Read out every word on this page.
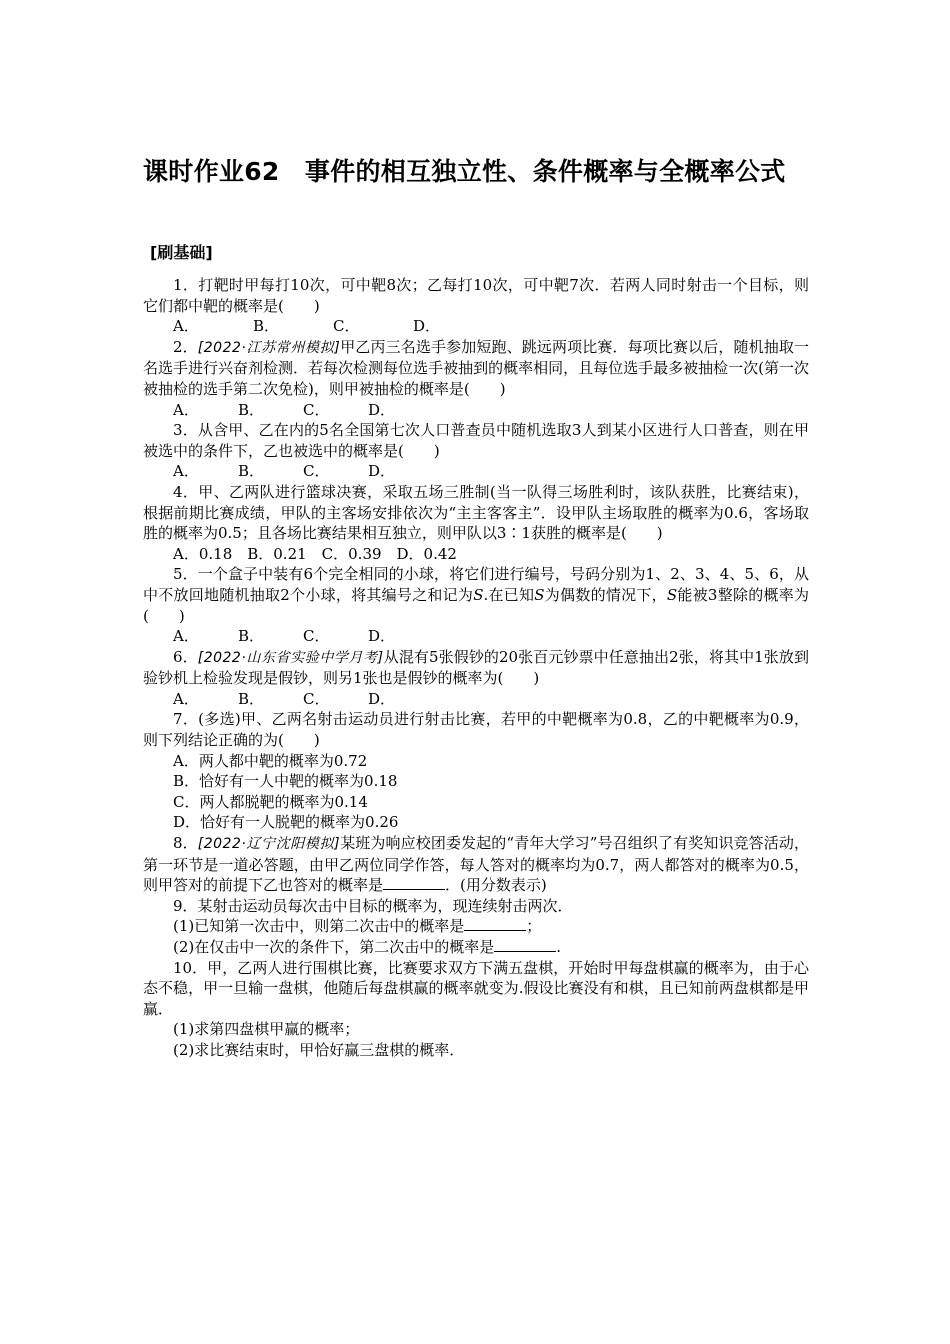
课时作业62　事件的相互独立性、条件概率与全概率公式
[刷基础]

1．打靶时甲每打10次，可中靶8次；乙每打10次，可中靶7次．若两人同时射击一个目标，则它们都中靶的概率是(　　)

A．	B．	C．	D．

2．[2022·江苏常州模拟]甲乙丙三名选手参加短跑、跳远两项比赛．每项比赛以后，随机抽取一名选手进行兴奋剂检测．若每次检测每位选手被抽到的概率相同，且每位选手最多被抽检一次(第一次被抽检的选手第二次免检)，则甲被抽检的概率是(　　)

A．	B．	C．	D．

3．从含甲、乙在内的5名全国第七次人口普查员中随机选取3人到某小区进行人口普查，则在甲被选中的条件下，乙也被选中的概率是(　　)

A．	B．	C．	D．

4．甲、乙两队进行篮球决赛，采取五场三胜制(当一队得三场胜利时，该队获胜，比赛结束)，根据前期比赛成绩，甲队的主客场安排依次为“主主客客主”．设甲队主场取胜的概率为0.6，客场取胜的概率为0.5；且各场比赛结果相互独立，则甲队以3∶1获胜的概率是(　　)

A．0.18　B．0.21　C．0.39　D．0.42

5．一个盒子中装有6个完全相同的小球，将它们进行编号，号码分别为1、2、3、4、5、6，从中不放回地随机抽取2个小球，将其编号之和记为S.在已知S为偶数的情况下，S能被3整除的概率为(　　)

A．	B．	C．	D．

6．[2022·山东省实验中学月考]从混有5张假钞的20张百元钞票中任意抽出2张，将其中1张放到验钞机上检验发现是假钞，则另1张也是假钞的概率为(　　)

A．	B．	C．	D．

7．(多选)甲、乙两名射击运动员进行射击比赛，若甲的中靶概率为0.8，乙的中靶概率为0.9，则下列结论正确的为(　　)

A．两人都中靶的概率为0.72

B．恰好有一人中靶的概率为0.18

C．两人都脱靶的概率为0.14

D．恰好有一人脱靶的概率为0.26

8．[2022·辽宁沈阳模拟]某班为响应校团委发起的“青年大学习”号召组织了有奖知识竞答活动，第一环节是一道必答题，由甲乙两位同学作答，每人答对的概率均为0.7，两人都答对的概率为0.5，则甲答对的前提下乙也答对的概率是	．(用分数表示)

9．某射击运动员每次击中目标的概率为，现连续射击两次．

(1)已知第一次击中，则第二次击中的概率是	；

(2)在仅击中一次的条件下，第二次击中的概率是	.

10．甲，乙两人进行围棋比赛，比赛要求双方下满五盘棋，开始时甲每盘棋赢的概率为，由于心态不稳，甲一旦输一盘棋，他随后每盘棋赢的概率就变为.假设比赛没有和棋，且已知前两盘棋都是甲赢．

(1)求第四盘棋甲赢的概率；

(2)求比赛结束时，甲恰好赢三盘棋的概率．
